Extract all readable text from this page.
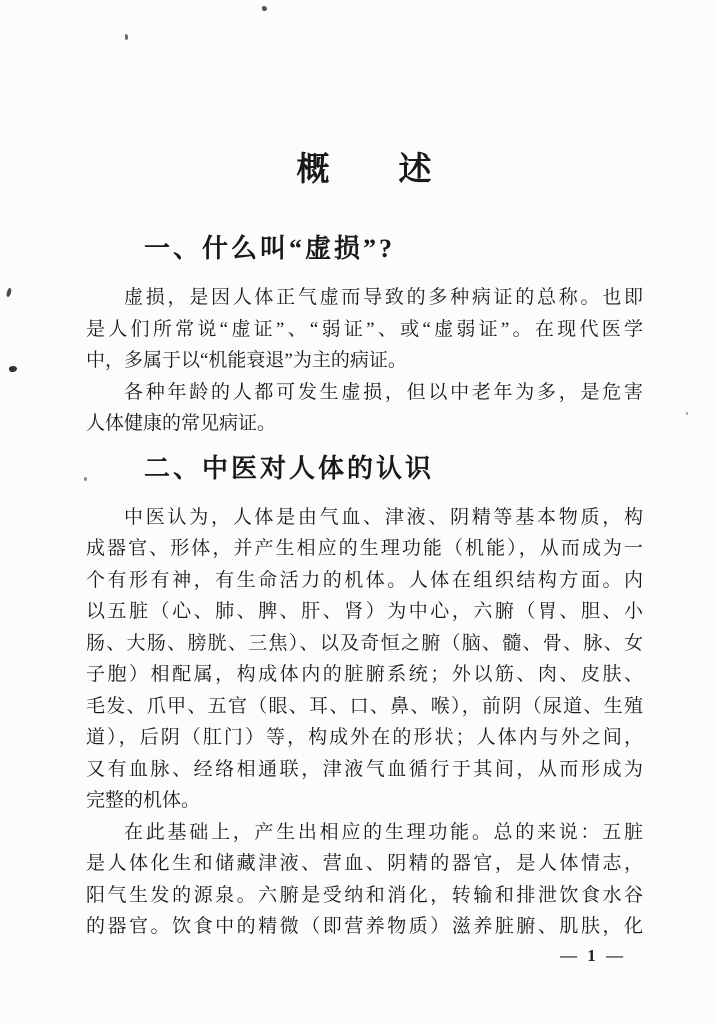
概　　述
一、什么叫“虚损”?
虚损，是因人体正气虚而导致的多种病证的总称。也即
是人们所常说“虚证”、“弱证”、或“虚弱证”。在现代医学
中，多属于以“机能衰退”为主的病证。
各种年龄的人都可发生虚损，但以中老年为多，是危害
人体健康的常见病证。
二、中医对人体的认识
中医认为，人体是由气血、津液、阴精等基本物质，构
成器官、形体，并产生相应的生理功能（机能），从而成为一
个有形有神，有生命活力的机体。人体在组织结构方面。内
以五脏（心、肺、脾、肝、肾）为中心，六腑（胃、胆、小
肠、大肠、膀胱、三焦）、以及奇恒之腑（脑、髓、骨、脉、女
子胞）相配属，构成体内的脏腑系统；外以筋、肉、皮肤、
毛发、爪甲、五官（眼、耳、口、鼻、喉），前阴（尿道、生殖
道），后阴（肛门）等，构成外在的形状；人体内与外之间，
又有血脉、经络相通联，津液气血循行于其间，从而形成为
完整的机体。
在此基础上，产生出相应的生理功能。总的来说：五脏
是人体化生和储藏津液、营血、阴精的器官，是人体情志，
阳气生发的源泉。六腑是受纳和消化，转输和排泄饮食水谷
的器官。饮食中的精微（即营养物质）滋养脏腑、肌肤，化
— 1 —
